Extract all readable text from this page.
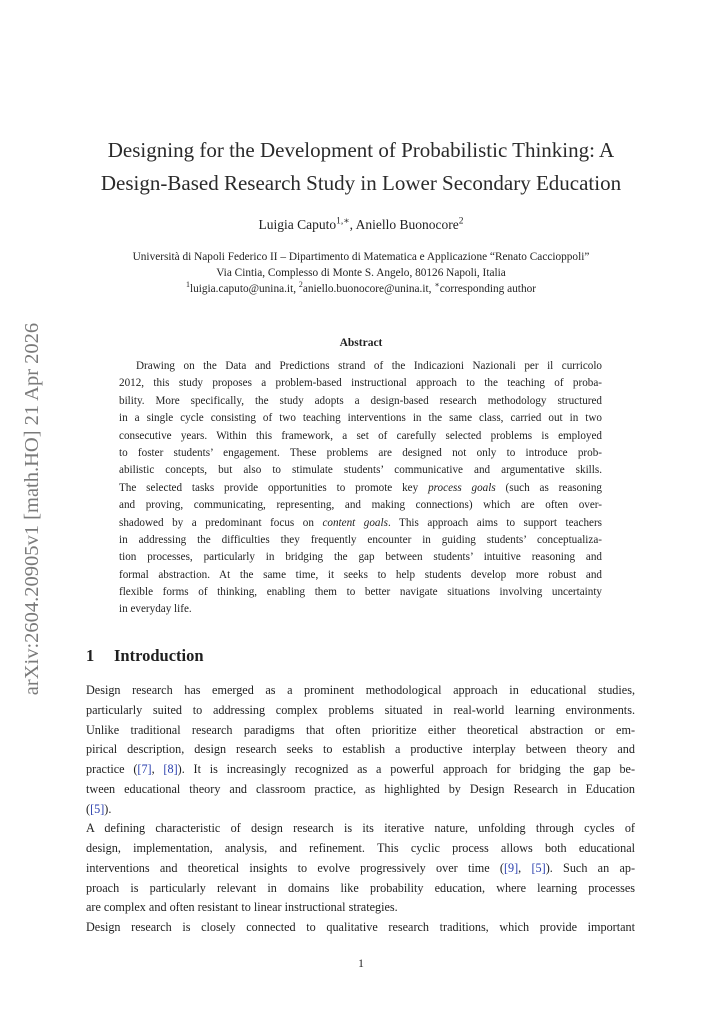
arXiv:2604.20905v1 [math.HO] 21 Apr 2026
Designing for the Development of Probabilistic Thinking: A
Design-Based Research Study in Lower Secondary Education
Luigia Caputo$^{1,∗}$, Aniello Buonocore$^2$
Università di Napoli Federico II – Dipartimento di Matematica e Applicazione “Renato Caccioppoli”
Via Cintia, Complesso di Monte S. Angelo, 80126 Napoli, Italia
$^1$luigia.caputo@unina.it, $^2$aniello.buonocore@unina.it, ∗corresponding author
Abstract
Drawing on the Data and Predictions strand of the Indicazioni Nazionali per il curricolo
2012, this study proposes a problem-based instructional approach to the teaching of proba-
bility. More specifically, the study adopts a design-based research methodology structured
in a single cycle consisting of two teaching interventions in the same class, carried out in two
consecutive years. Within this framework, a set of carefully selected problems is employed
to foster students’ engagement. These problems are designed not only to introduce prob-
abilistic concepts, but also to stimulate students’ communicative and argumentative skills.
The selected tasks provide opportunities to promote key process goals (such as reasoning
and proving, communicating, representing, and making connections) which are often over-
shadowed by a predominant focus on content goals. This approach aims to support teachers
in addressing the difficulties they frequently encounter in guiding students’ conceptualiza-
tion processes, particularly in bridging the gap between students’ intuitive reasoning and
formal abstraction. At the same time, it seeks to help students develop more robust and
flexible forms of thinking, enabling them to better navigate situations involving uncertainty
in everyday life.
1 Introduction
Design research has emerged as a prominent methodological approach in educational studies,
particularly suited to addressing complex problems situated in real-world learning environments.
Unlike traditional research paradigms that often prioritize either theoretical abstraction or em-
pirical description, design research seeks to establish a productive interplay between theory and
practice ([7], [8]). It is increasingly recognized as a powerful approach for bridging the gap be-
tween educational theory and classroom practice, as highlighted by Design Research in Education
([5]).
A defining characteristic of design research is its iterative nature, unfolding through cycles of
design, implementation, analysis, and refinement. This cyclic process allows both educational
interventions and theoretical insights to evolve progressively over time ([9], [5]). Such an ap-
proach is particularly relevant in domains like probability education, where learning processes
are complex and often resistant to linear instructional strategies.
Design research is closely connected to qualitative research traditions, which provide important
1
